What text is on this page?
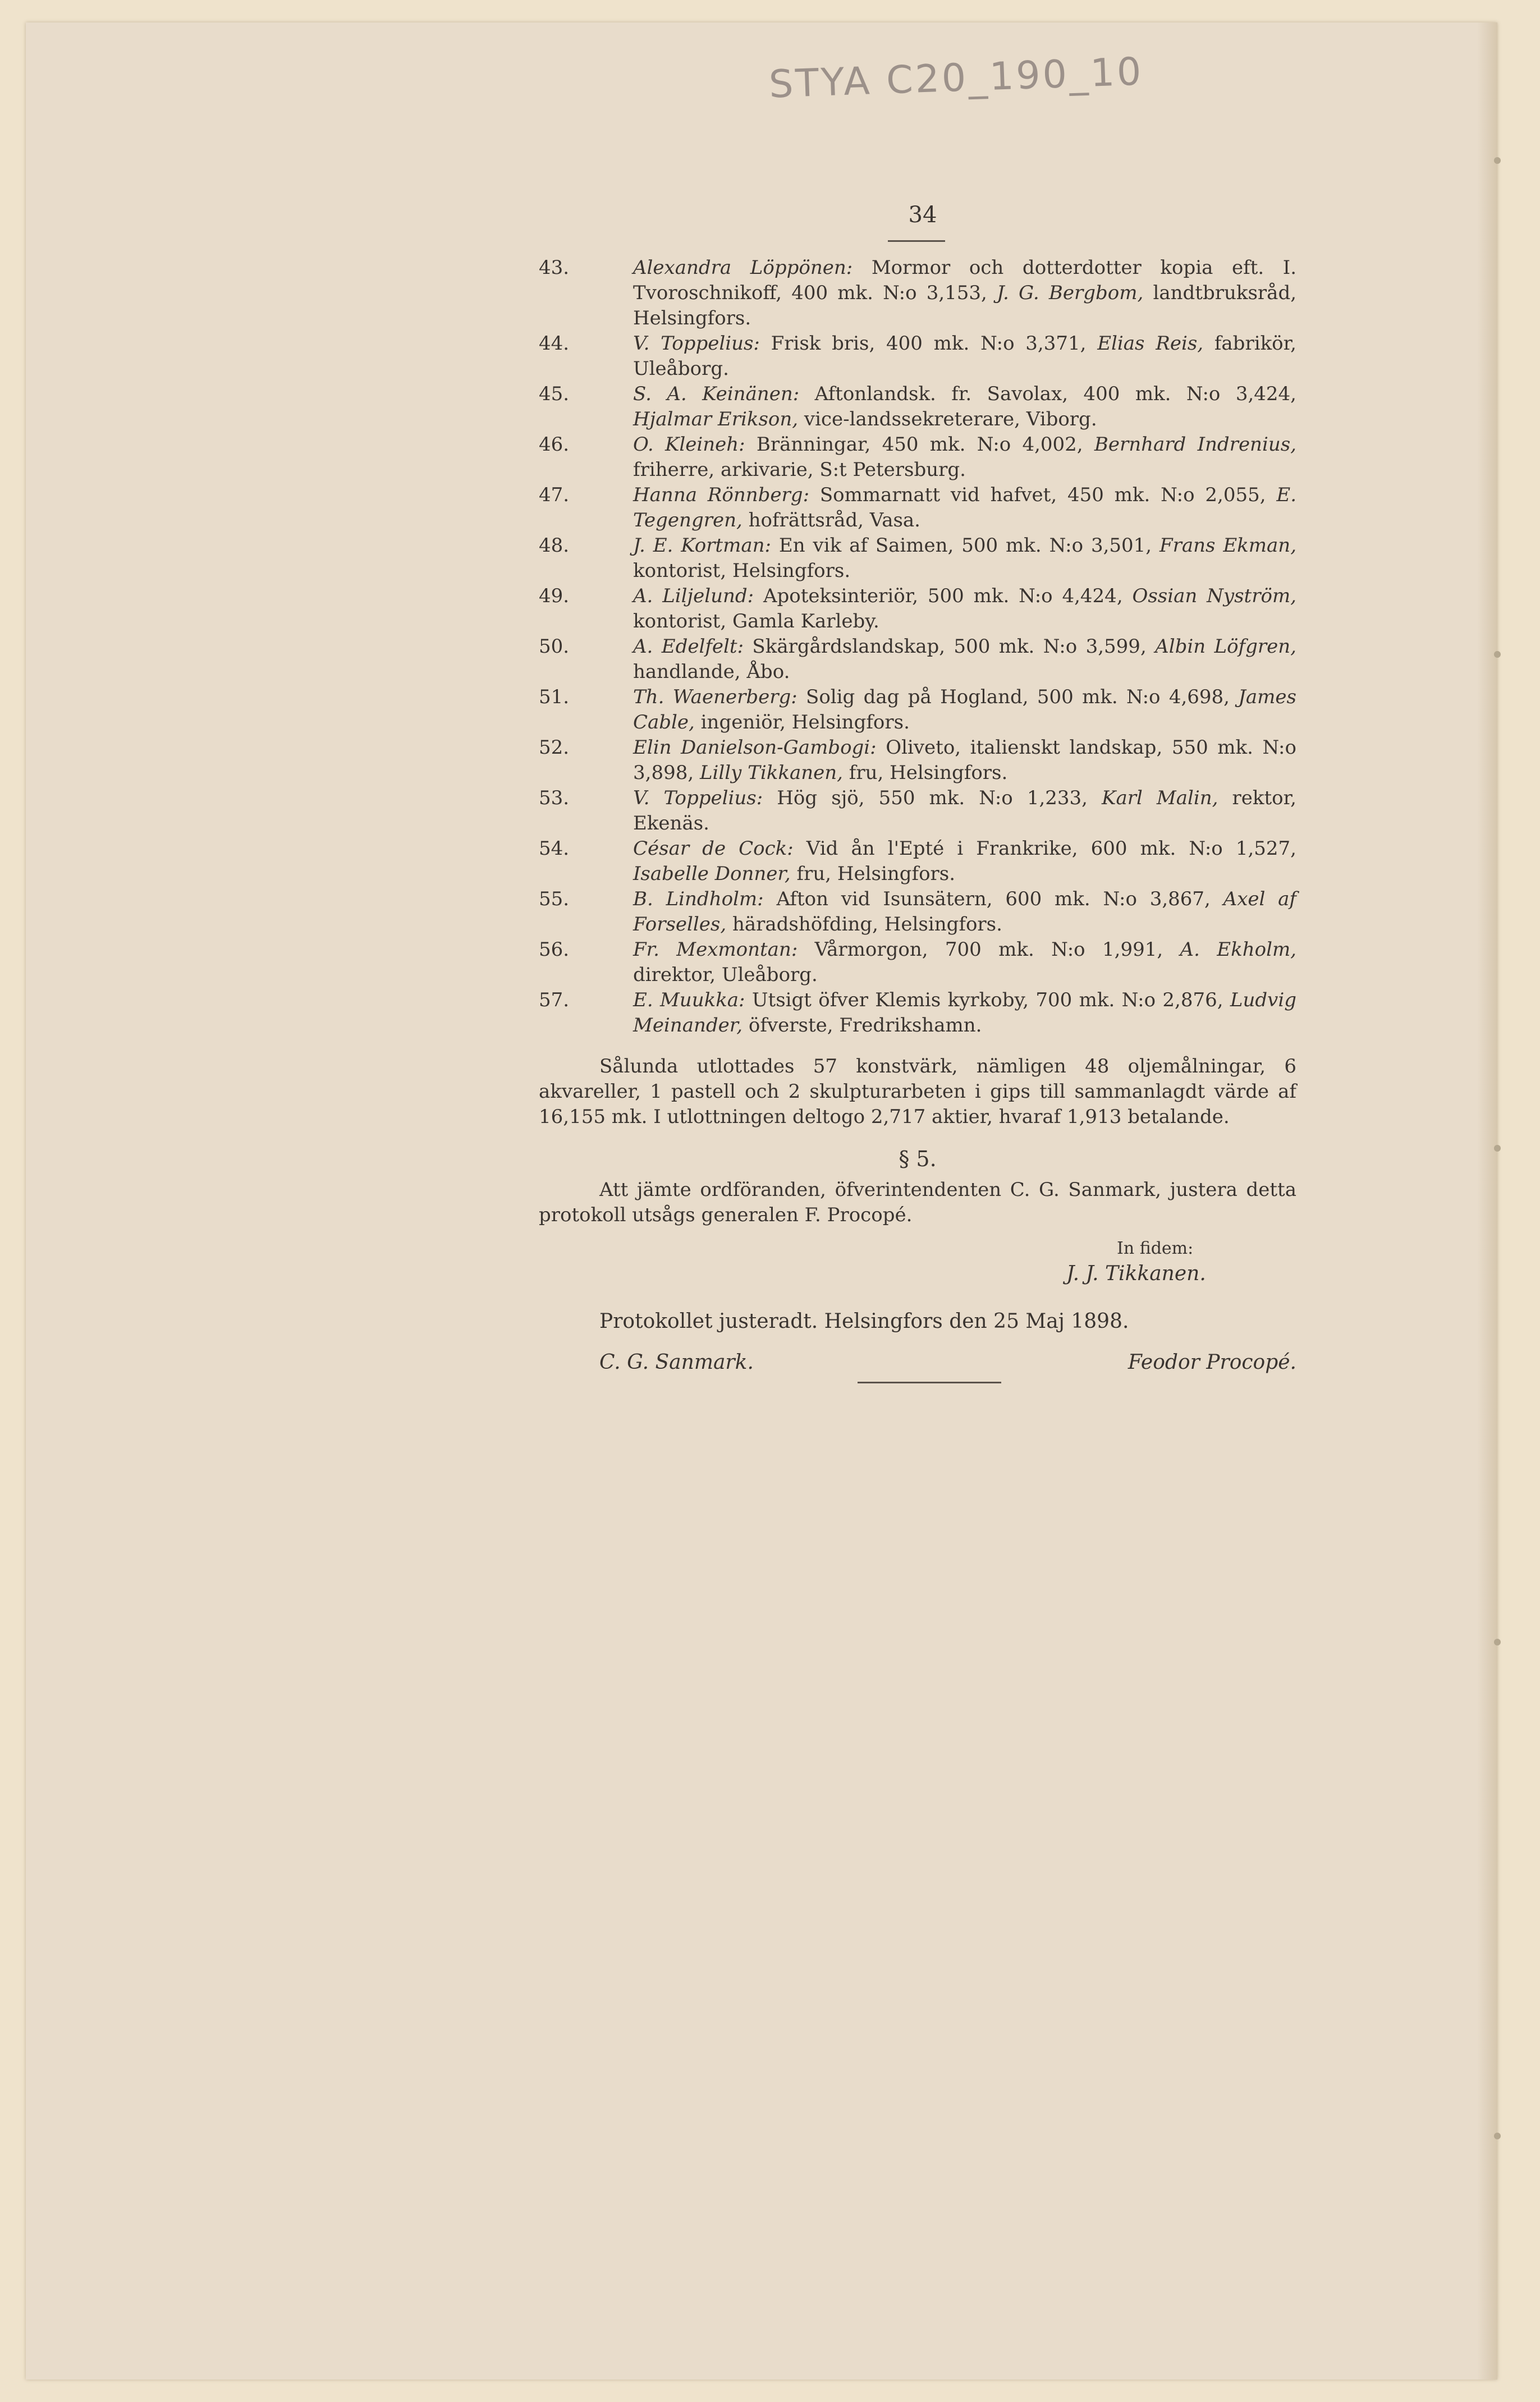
STYA C20_190_10
34
43.	Alexandra Löppönen: Mormor och dotterdotter kopia eft. I. Tvoroschnikoff, 400 mk. N:o 3,153, J. G. Bergbom, landtbruksråd, Helsingfors.
44.	V. Toppelius: Frisk bris, 400 mk. N:o 3,371, Elias Reis, fabrikör, Uleåborg.
45.	S. A. Keinänen: Aftonlandsk. fr. Savolax, 400 mk. N:o 3,424, Hjalmar Erikson, vice-landssekreterare, Viborg.
46.	O. Kleineh: Bränningar, 450 mk. N:o 4,002, Bernhard Indrenius, friherre, arkivarie, S:t Petersburg.
47.	Hanna Rönnberg: Sommarnatt vid hafvet, 450 mk. N:o 2,055, E. Tegengren, hofrättsråd, Vasa.
48.	J. E. Kortman: En vik af Saimen, 500 mk. N:o 3,501, Frans Ekman, kontorist, Helsingfors.
49.	A. Liljelund: Apoteksinteriör, 500 mk. N:o 4,424, Ossian Nyström, kontorist, Gamla Karleby.
50.	A. Edelfelt: Skärgårdslandskap, 500 mk. N:o 3,599, Albin Löfgren, handlande, Åbo.
51.	Th. Waenerberg: Solig dag på Hogland, 500 mk. N:o 4,698, James Cable, ingeniör, Helsingfors.
52.	Elin Danielson-Gambogi: Oliveto, italienskt landskap, 550 mk. N:o 3,898, Lilly Tikkanen, fru, Helsingfors.
53.	V. Toppelius: Hög sjö, 550 mk. N:o 1,233, Karl Malin, rektor, Ekenäs.
54.	César de Cock: Vid ån l'Epté i Frankrike, 600 mk. N:o 1,527, Isabelle Donner, fru, Helsingfors.
55.	B. Lindholm: Afton vid Isunsätern, 600 mk. N:o 3,867, Axel af Forselles, häradshöfding, Helsingfors.
56.	Fr. Mexmontan: Vårmorgon, 700 mk. N:o 1,991, A. Ekholm, direktor, Uleåborg.
57.	E. Muukka: Utsigt öfver Klemis kyrkoby, 700 mk. N:o 2,876, Ludvig Meinander, öfverste, Fredrikshamn.
Sålunda utlottades 57 konstvärk, nämligen 48 oljemålningar, 6 akvareller, 1 pastell och 2 skulpturarbeten i gips till sammanlagdt värde af 16,155 mk. I utlottningen deltogo 2,717 aktier, hvaraf 1,913 betalande.
§ 5.
Att jämte ordföranden, öfverintendenten C. G. Sanmark, justera detta protokoll utsågs generalen F. Procopé.
In fidem:
J. J. Tikkanen.
Protokollet justeradt. Helsingfors den 25 Maj 1898.
C. G. Sanmark.	Feodor Procopé.
